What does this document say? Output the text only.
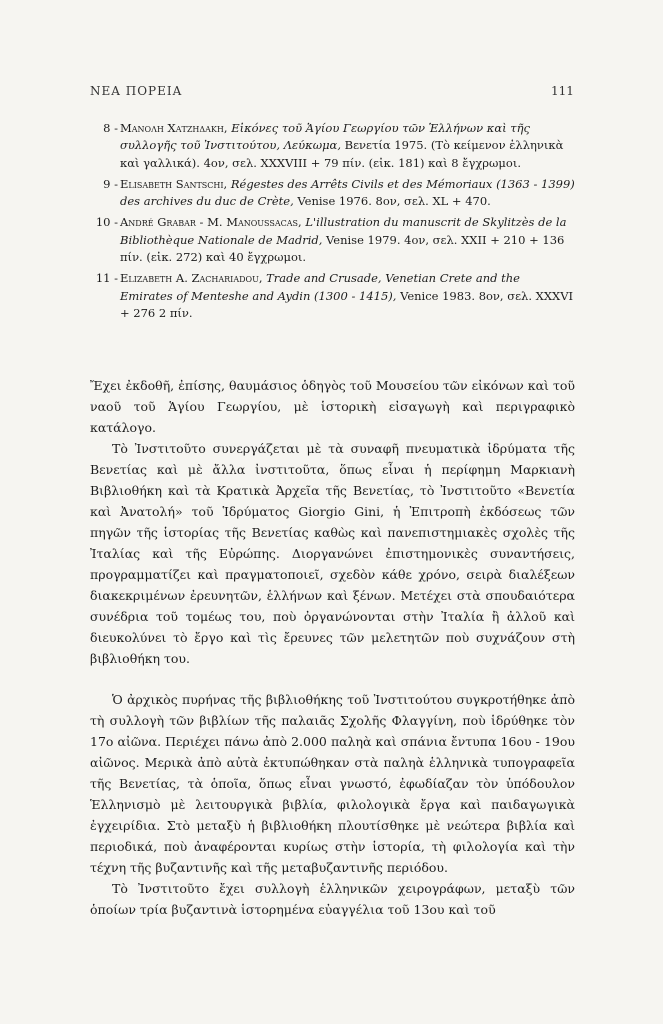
ΝΕΑ ΠΟΡΕΙΑ	111
8 - Μανολη Χατζηδακη, Εἰκόνες τοῦ Ἁγίου Γεωργίου τῶν Ἑλλήνων καὶ τῆς συλλογῆς τοῦ Ἰνστιτούτου, Λεύκωμα, Βενετία 1975. (Τὸ κείμενον ἑλληνικὰ καὶ γαλλικά). 4ον, σελ. XXXVIII + 79 πίν. (εἰκ. 181) καὶ 8 ἔγχρωμοι.
9 - Elisabeth Santschi, Régestes des Arrêts Civils et des Mémoriaux (1363 - 1399) des archives du duc de Crète, Venise 1976. 8ον, σελ. XL + 470.
10 - André Grabar - M. Manoussacas, L'illustration du manuscrit de Skylitzès de la Bibliothèque Nationale de Madrid, Venise 1979. 4ον, σελ. XXII + 210 + 136 πίν. (εἰκ. 272) καὶ 40 ἔγχρωμοι.
11 - Elizabeth A. Zachariadou, Trade and Crusade, Venetian Crete and the Emirates of Menteshe and Aydin (1300 - 1415), Venice 1983. 8ον, σελ. XXXVI + 276 2 πίν.

Ἔχει ἐκδοθῆ, ἐπίσης, θαυμάσιος ὁδηγὸς τοῦ Μουσείου τῶν εἰκόνων καὶ τοῦ ναοῦ τοῦ Ἁγίου Γεωργίου, μὲ ἱστορικὴ εἰσαγωγὴ καὶ περιγραφικὸ κατάλογο.

Τὸ Ἰνστιτοῦτο συνεργάζεται μὲ τὰ συναφῆ πνευματικὰ ἱδρύματα τῆς Βενετίας καὶ μὲ ἄλλα ἰνστιτοῦτα, ὅπως εἶναι ἡ περίφημη Μαρκιανὴ Βιβλιοθήκη καὶ τὰ Κρατικὰ Ἀρχεῖα τῆς Βενετίας, τὸ Ἰνστιτοῦτο «Βενετία καὶ Ἀνατολή» τοῦ Ἱδρύματος Giorgio Gini, ἡ Ἐπιτροπὴ ἐκδόσεως τῶν πηγῶν τῆς ἱστορίας τῆς Βενετίας καθὼς καὶ πανεπιστημιακὲς σχολὲς τῆς Ἰταλίας καὶ τῆς Εὐρώπης. Διοργανώνει ἐπιστημονικὲς συναντήσεις, προγραμματίζει καὶ πραγματοποιεῖ, σχεδὸν κάθε χρόνο, σειρὰ διαλέξεων διακεκριμένων ἐρευνητῶν, ἑλλήνων καὶ ξένων. Μετέχει στὰ σπουδαιότερα συνέδρια τοῦ τομέως του, ποὺ ὀργανώνονται στὴν Ἰταλία ἢ ἀλλοῦ καὶ διευκολύνει τὸ ἔργο καὶ τὶς ἔρευνες τῶν μελετητῶν ποὺ συχνάζουν στὴ βιβλιοθήκη του.

Ὁ ἀρχικὸς πυρήνας τῆς βιβλιοθήκης τοῦ Ἰνστιτούτου συγκροτήθηκε ἀπὸ τὴ συλλογὴ τῶν βιβλίων τῆς παλαιᾶς Σχολῆς Φλαγγίνη, ποὺ ἱδρύθηκε τὸν 17ο αἰῶνα. Περιέχει πάνω ἀπὸ 2.000 παληὰ καὶ σπάνια ἔντυπα 16ου - 19ου αἰῶνος. Μερικὰ ἀπὸ αὐτὰ ἐκτυπώθηκαν στὰ παληὰ ἑλληνικὰ τυπογραφεῖα τῆς Βενετίας, τὰ ὁποῖα, ὅπως εἶναι γνωστό, ἐφωδίαζαν τὸν ὑπόδουλον Ἑλληνισμὸ μὲ λειτουργικὰ βιβλία, φιλολογικὰ ἔργα καὶ παιδαγωγικὰ ἐγχειρίδια. Στὸ μεταξὺ ἡ βιβλιοθήκη πλουτίσθηκε μὲ νεώτερα βιβλία καὶ περιοδικά, ποὺ ἀναφέρονται κυρίως στὴν ἱστορία, τὴ φιλολογία καὶ τὴν τέχνη τῆς βυζαντινῆς καὶ τῆς μεταβυζαντινῆς περιόδου.

Τὸ Ἰνστιτοῦτο ἔχει συλλογὴ ἑλληνικῶν χειρογράφων, μεταξὺ τῶν ὁποίων τρία βυζαντινὰ ἱστορημένα εὐαγγέλια τοῦ 13ου καὶ τοῦ
